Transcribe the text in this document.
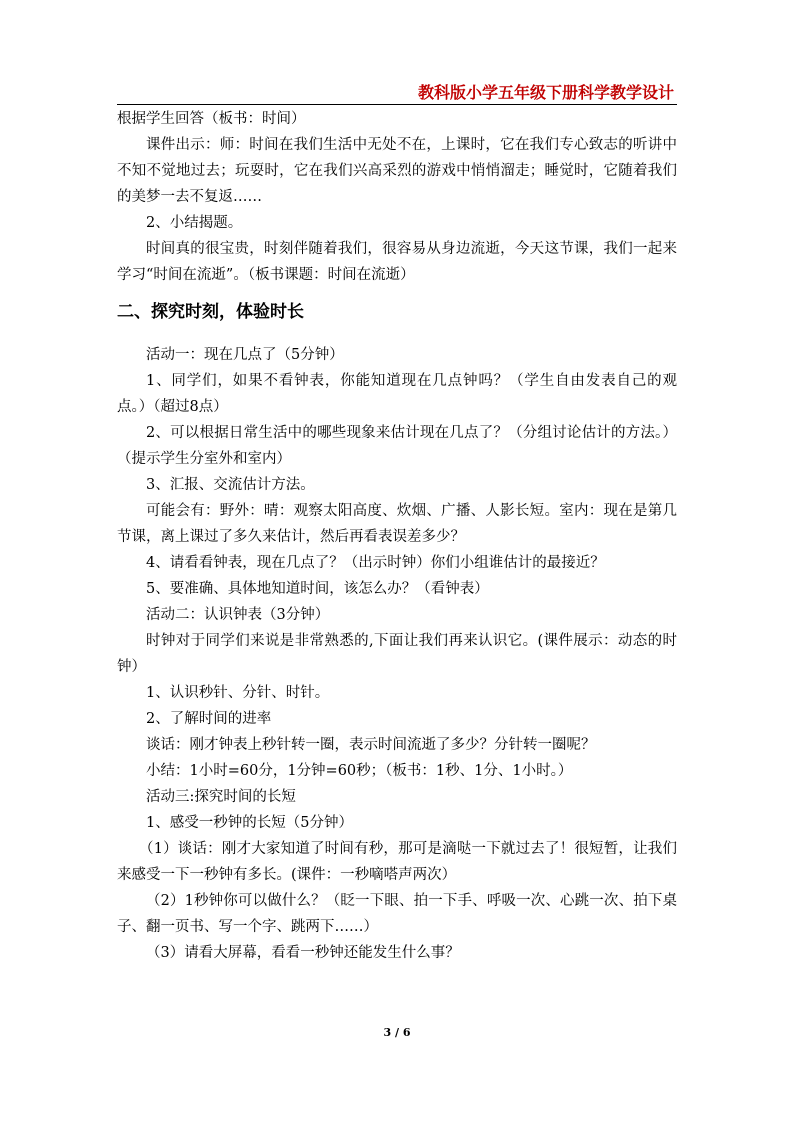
教科版小学五年级下册科学教学设计

根据学生回答（板书：时间）

课件出示：师：时间在我们生活中无处不在，上课时，它在我们专心致志的听讲中不知不觉地过去；玩耍时，它在我们兴高采烈的游戏中悄悄溜走；睡觉时，它随着我们的美梦一去不复返……

2、小结揭题。

时间真的很宝贵，时刻伴随着我们，很容易从身边流逝，今天这节课，我们一起来学习“时间在流逝”。（板书课题：时间在流逝）

二、探究时刻，体验时长

活动一：现在几点了（5分钟）

1、同学们，如果不看钟表，你能知道现在几点钟吗？（学生自由发表自己的观点。）（超过8点）

2、可以根据日常生活中的哪些现象来估计现在几点了？（分组讨论估计的方法。）（提示学生分室外和室内）

3、汇报、交流估计方法。

可能会有：野外：晴：观察太阳高度、炊烟、广播、人影长短。室内：现在是第几节课，离上课过了多久来估计，然后再看表误差多少？

4、请看看钟表，现在几点了？（出示时钟）你们小组谁估计的最接近？

5、要准确、具体地知道时间，该怎么办？（看钟表）

活动二：认识钟表（3分钟）

时钟对于同学们来说是非常熟悉的,下面让我们再来认识它。(课件展示：动态的时钟）

1、认识秒针、分针、时针。

2、了解时间的进率

谈话：刚才钟表上秒针转一圈，表示时间流逝了多少？分针转一圈呢？

小结：1小时=60分，1分钟=60秒；（板书：1秒、1分、1小时。）

活动三:探究时间的长短

1、感受一秒钟的长短（5分钟）

（1）谈话：刚才大家知道了时间有秒，那可是滴哒一下就过去了！很短暂，让我们来感受一下一秒钟有多长。(课件：一秒嘀嗒声两次）

（2）1秒钟你可以做什么？（眨一下眼、拍一下手、呼吸一次、心跳一次、拍下桌子、翻一页书、写一个字、跳两下……）

（3）请看大屏幕，看看一秒钟还能发生什么事？

3 / 6
